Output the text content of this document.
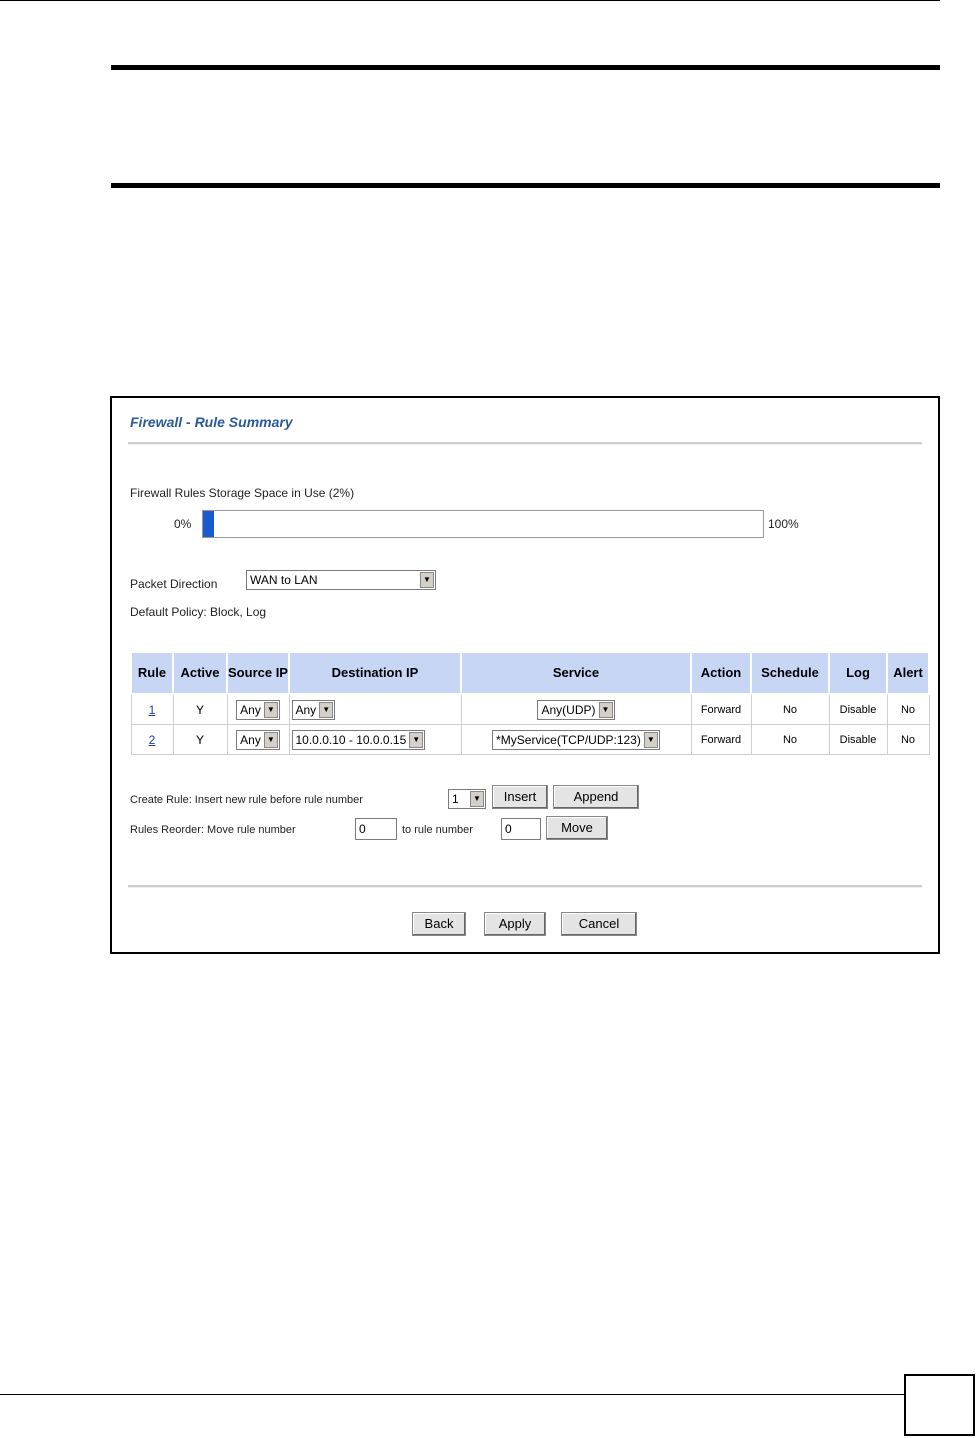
Firewall - Rule Summary
Firewall Rules Storage Space in Use (2%)
0%	100%
Packet Direction	WAN to LAN	▼
Default Policy: Block, Log
Rule	Active	Source IP	Destination IP	Service	Action	Schedule	Log	Alert
1	Y	Any ▼	Any ▼	Any(UDP) ▼	Forward	No	Disable	No
2	Y	Any ▼	10.0.0.10 - 10.0.0.15 ▼	*MyService(TCP/UDP:123) ▼	Forward	No	Disable	No
Create Rule: Insert new rule before rule number	1	▼	Insert	Append
Rules Reorder: Move rule number	0	to rule number	0	Move
Back	Apply	Cancel
